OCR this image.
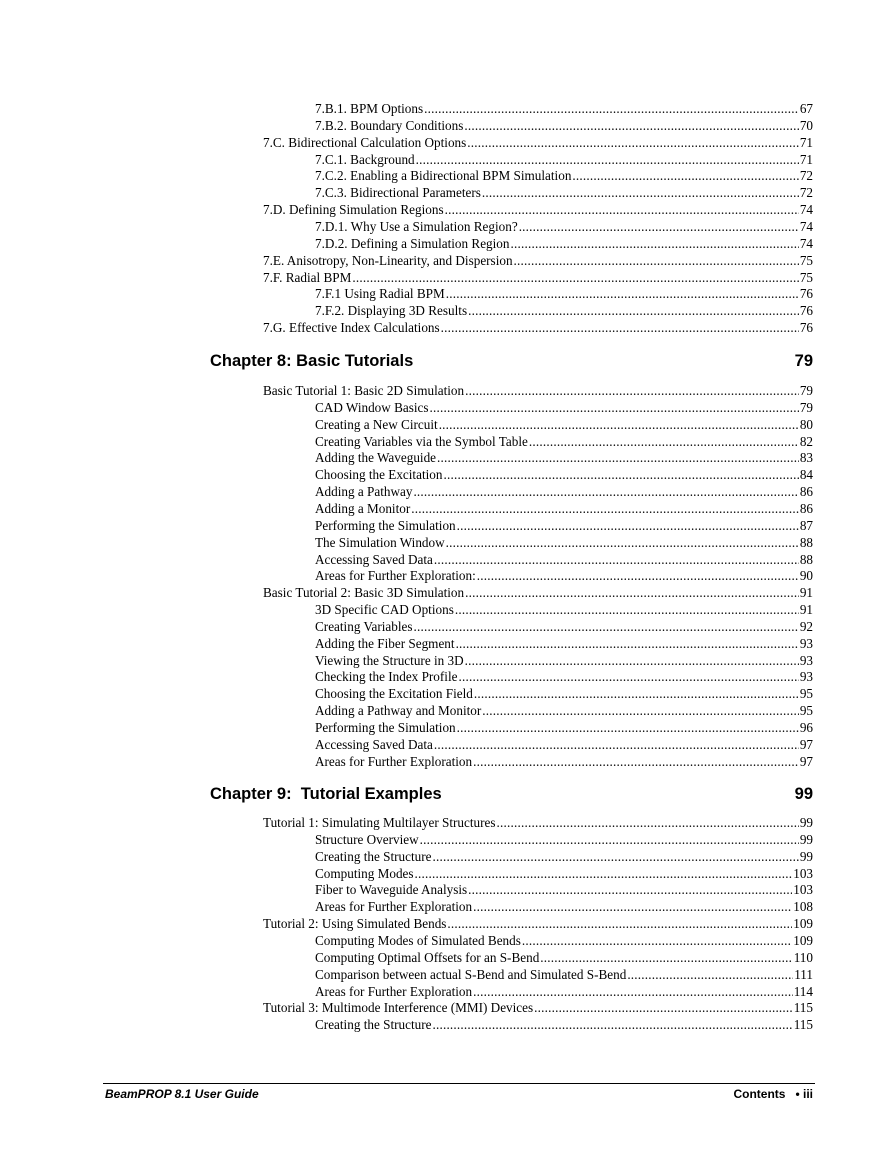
7.B.1. BPM Options .....	67
7.B.2. Boundary Conditions .....	70
7.C. Bidirectional Calculation Options .....	71
7.C.1. Background .....	71
7.C.2. Enabling a Bidirectional BPM Simulation .....	72
7.C.3. Bidirectional Parameters .....	72
7.D. Defining Simulation Regions .....	74
7.D.1. Why Use a Simulation Region? .....	74
7.D.2. Defining a Simulation Region .....	74
7.E. Anisotropy, Non-Linearity, and Dispersion .....	75
7.F. Radial BPM .....	75
7.F.1 Using Radial BPM .....	76
7.F.2. Displaying 3D Results .....	76
7.G. Effective Index Calculations .....	76
Chapter 8: Basic Tutorials	79
Basic Tutorial 1: Basic 2D Simulation .....	79
CAD Window Basics .....	79
Creating a New Circuit .....	80
Creating Variables via the Symbol Table .....	82
Adding the Waveguide .....	83
Choosing the Excitation .....	84
Adding a Pathway .....	86
Adding a Monitor .....	86
Performing the Simulation .....	87
The Simulation Window .....	88
Accessing Saved Data .....	88
Areas for Further Exploration: .....	90
Basic Tutorial 2: Basic 3D Simulation .....	91
3D Specific CAD Options .....	91
Creating Variables .....	92
Adding the Fiber Segment .....	93
Viewing the Structure in 3D .....	93
Checking the Index Profile .....	93
Choosing the Excitation Field .....	95
Adding a Pathway and Monitor .....	95
Performing the Simulation .....	96
Accessing Saved Data .....	97
Areas for Further Exploration .....	97
Chapter 9:  Tutorial Examples	99
Tutorial 1: Simulating Multilayer Structures .....	99
Structure Overview .....	99
Creating the Structure .....	99
Computing Modes .....	103
Fiber to Waveguide Analysis .....	103
Areas for Further Exploration .....	108
Tutorial 2: Using Simulated Bends .....	109
Computing Modes of Simulated Bends .....	109
Computing Optimal Offsets for an S-Bend .....	110
Comparison between actual S-Bend and Simulated S-Bend .....	111
Areas for Further Exploration .....	114
Tutorial 3: Multimode Interference (MMI) Devices .....	115
Creating the Structure .....	115
BeamPROP 8.1 User Guide	Contents   • iii
